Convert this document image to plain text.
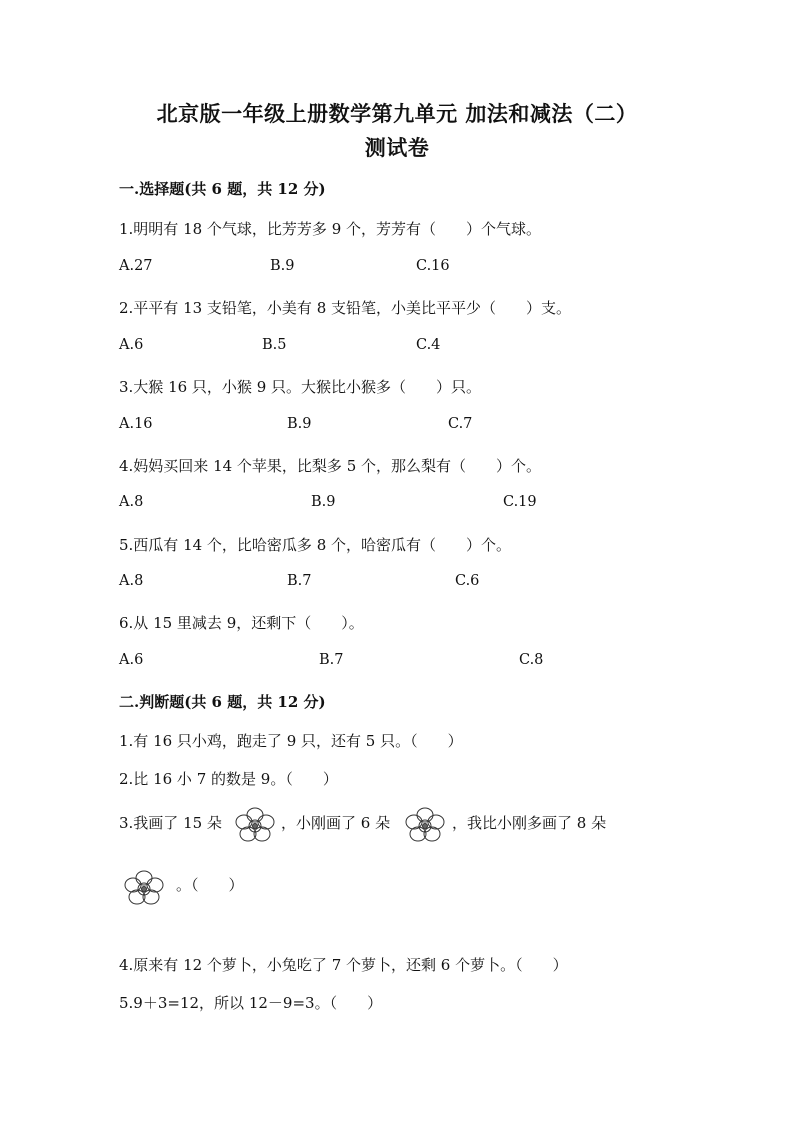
北京版一年级上册数学第九单元 加法和减法（二）
测试卷
一.选择题(共 6 题，共 12 分)
1.明明有 18 个气球，比芳芳多 9 个，芳芳有（　　）个气球。
A.27	B.9	C.16
2.平平有 13 支铅笔，小美有 8 支铅笔，小美比平平少（　　）支。
A.6	B.5	C.4
3.大猴 16 只，小猴 9 只。大猴比小猴多（　　）只。
A.16	B.9	C.7
4.妈妈买回来 14 个苹果，比梨多 5 个，那么梨有（　　）个。
A.8	B.9	C.19
5.西瓜有 14 个，比哈密瓜多 8 个，哈密瓜有（　　）个。
A.8	B.7	C.6
6.从 15 里减去 9，还剩下（　　）。
A.6	B.7	C.8
二.判断题(共 6 题，共 12 分)
1.有 16 只小鸡，跑走了 9 只，还有 5 只。（　　）
2.比 16 小 7 的数是 9。（　　）
3.我画了 15 朵	，小刚画了 6 朵	，我比小刚多画了 8 朵
。（　　）
4.原来有 12 个萝卜，小兔吃了 7 个萝卜，还剩 6 个萝卜。（　　）
5.9＋3=12，所以 12－9=3。（　　）
